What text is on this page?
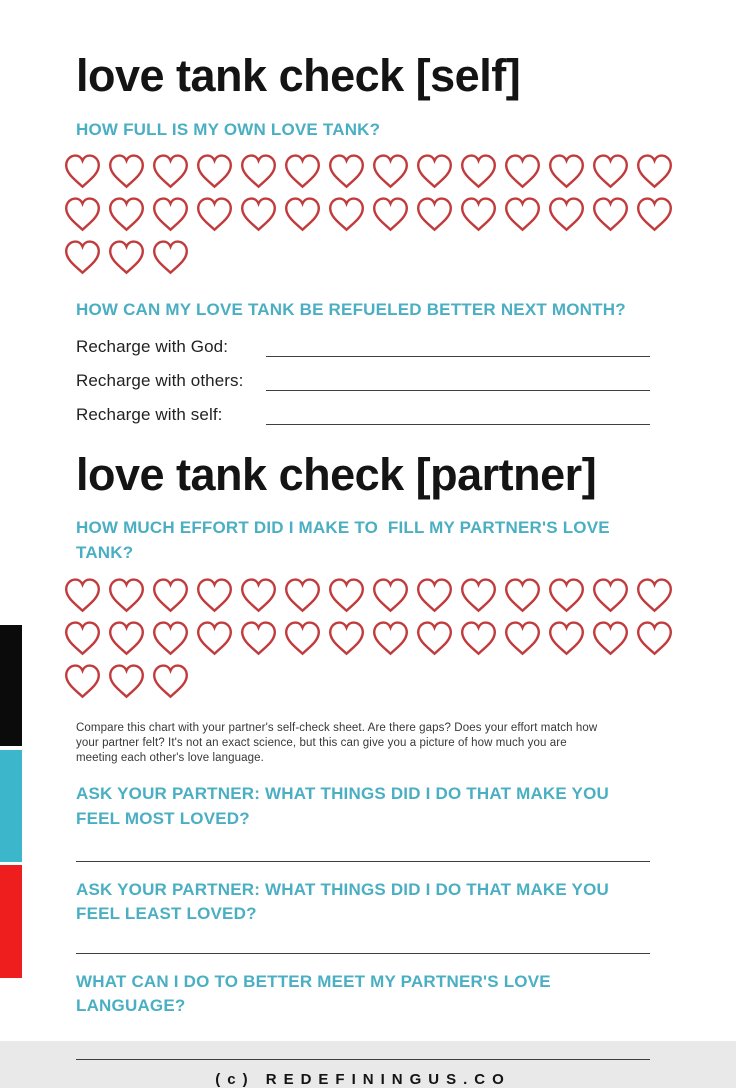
love tank check [self]
HOW FULL IS MY OWN LOVE TANK?
HOW CAN MY LOVE TANK BE REFUELED BETTER NEXT MONTH?
Recharge with God:
Recharge with others:
Recharge with self:
love tank check [partner]
HOW MUCH EFFORT DID I MAKE TO  FILL MY PARTNER'S LOVE TANK?

Compare this chart with your partner's self-check sheet. Are there gaps? Does your effort match how your partner felt? It's not an exact science, but this can give you a picture of how much you are meeting each other's love language.

ASK YOUR PARTNER: WHAT THINGS DID I DO THAT MAKE YOU FEEL MOST LOVED?
ASK YOUR PARTNER: WHAT THINGS DID I DO THAT MAKE YOU FEEL LEAST LOVED?
WHAT CAN I DO TO BETTER MEET MY PARTNER'S LOVE LANGUAGE?
(c) REDEFININGUS.CO
